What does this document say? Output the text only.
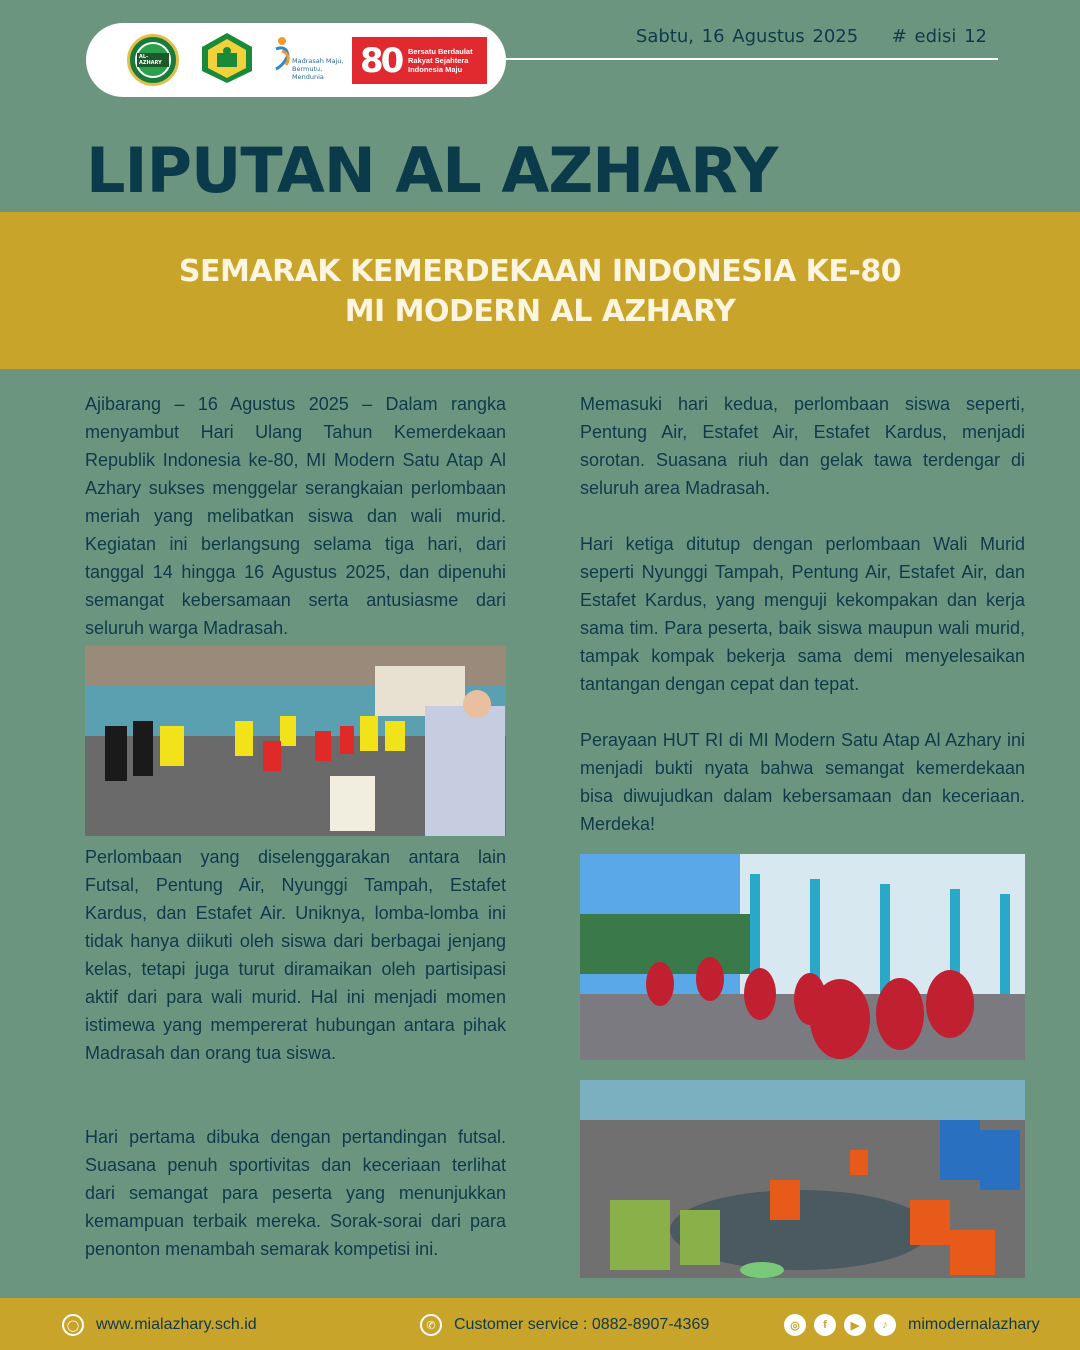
AL-AZHARY	Madrasah Maju,
Bermutu,
Mendunia	80 Bersatu Berdaulat
Rakyat Sejahtera
Indonesia Maju
Sabtu, 16 Agustus 2025 # edisi 12
LIPUTAN AL AZHARY
SEMARAK KEMERDEKAAN INDONESIA KE-80
MI MODERN AL AZHARY

Ajibarang – 16 Agustus 2025 – Dalam rangka menyambut Hari Ulang Tahun Kemerdekaan Republik Indonesia ke-80, MI Modern Satu Atap Al Azhary sukses menggelar serangkaian perlombaan meriah yang melibatkan siswa dan wali murid. Kegiatan ini berlangsung selama tiga hari, dari tanggal 14 hingga 16 Agustus 2025, dan dipenuhi semangat kebersamaan serta antusiasme dari seluruh warga Madrasah.

Perlombaan yang diselenggarakan antara lain Futsal, Pentung Air, Nyunggi Tampah, Estafet Kardus, dan Estafet Air. Uniknya, lomba-lomba ini tidak hanya diikuti oleh siswa dari berbagai jenjang kelas, tetapi juga turut diramaikan oleh partisipasi aktif dari para wali murid. Hal ini menjadi momen istimewa yang mempererat hubungan antara pihak Madrasah dan orang tua siswa.

Hari pertama dibuka dengan pertandingan futsal. Suasana penuh sportivitas dan keceriaan terlihat dari semangat para peserta yang menunjukkan kemampuan terbaik mereka. Sorak-sorai dari para penonton menambah semarak kompetisi ini.

Memasuki hari kedua, perlombaan siswa seperti, Pentung Air, Estafet Air, Estafet Kardus, menjadi sorotan. Suasana riuh dan gelak tawa terdengar di seluruh area Madrasah.

Hari ketiga ditutup dengan perlombaan Wali Murid seperti Nyunggi Tampah, Pentung Air, Estafet Air, dan Estafet Kardus, yang menguji kekompakan dan kerja sama tim. Para peserta, baik siswa maupun wali murid, tampak kompak bekerja sama demi menyelesaikan tantangan dengan cepat dan tepat.

Perayaan HUT RI di MI Modern Satu Atap Al Azhary ini menjadi bukti nyata bahwa semangat kemerdekaan bisa diwujudkan dalam kebersamaan dan keceriaan. Merdeka!

◯	www.mialazhary.sch.id	✆	Customer service : 0882-8907-4369	◎	f	▶	♪	mimodernalazhary
